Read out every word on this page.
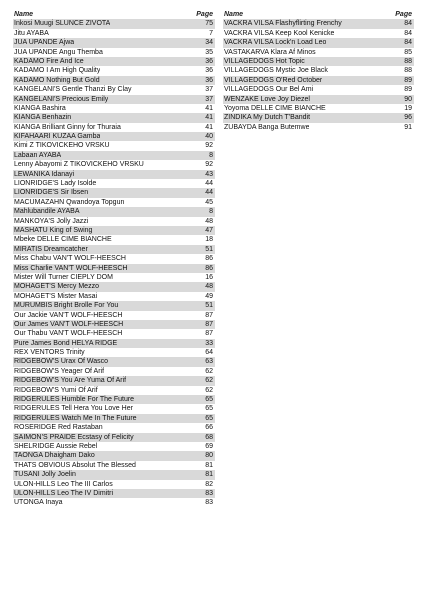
Name	Page
Inkosi Muugi SLUNCE ZIVOTA	75
Jitu AYABA	7
JUA UPANDE Ajwa	34
JUA UPANDE Angu Themba	35
KADAMO Fire And Ice	36
KADAMO I Am High Quality	36
KADAMO Nothing But Gold	36
KANGELANI'S Gentle Thanzi By Clay	37
KANGELANI'S Precious Emily	37
KIANGA Bashira	41
KIANGA Benhazin	41
KIANGA Brilliant Ginny for Thuraia	41
KIFAHAARI KUZAA Gamba	40
Kimi Z TIKOVICKEHO VRSKU	92
Labaan AYABA	8
Lenny Abayomi Z TIKOVICKEHO VRSKU	92
LEWANIKA Idanayi	43
LIONRIDGE'S Lady Isolde	44
LIONRIDGE'S Sir Ibsen	44
MACUMAZAHN Qwandoya Topgun	45
Mahlubandile AYABA	8
MANKOYA'S Jolly Jazzi	48
MASHATU King of Swing	47
Mbeke DELLE CIME BIANCHE	18
MIRATIS Dreamcatcher	51
Miss Chabu VAN'T WOLF-HEESCH	86
Miss Charlie VAN'T WOLF-HEESCH	86
Mister Will Turner CIEPLY DOM	16
MOHAGET'S Mercy Mezzo	48
MOHAGET'S Mister Masai	49
MURUMBIS Bright Brolle For You	51
Our Jackie VAN'T WOLF-HEESCH	87
Our James VAN'T WOLF-HEESCH	87
Our Thabu VAN'T WOLF-HEESCH	87
Pure James Bond HELYA RIDGE	33
REX VENTORS Trinity	64
RIDGEBOW'S Urax Of Wasco	63
RIDGEBOW'S Yeager Of Arif	62
RIDGEBOW'S You Are Yuma Of Arif	62
RIDGEBOW'S Yumi Of Arif	62
RIDGERULES Humble For The Future	65
RIDGERULES Tell Hera You Love Her	65
RIDGERULES Watch Me In The Future	65
ROSERIDGE Red Rastaban	66
SAIMON'S PRAIDE Ecstasy of Felicity	68
SHELRIDGE Aussie Rebel	69
TAONGA Dhaigham Dako	80
THATS OBVIOUS Absolut The Blessed	81
TUSANI Jolly Joelin	81
ULON-HILLS Leo The III Carlos	82
ULON-HILLS Leo The IV Dimitri	83
UTONGA Inaya	83
Name	Page
VACKRA VILSA Flashyflirting Frenchy	84
VACKRA VILSA Keep Kool Kenicke	84
VACKRA VILSA Lock'n Load Leo	84
VASTAKARVA Klara Af Minos	85
VILLAGEDOGS Hot Topic	88
VILLAGEDOGS Mystic Joe Black	88
VILLAGEDOGS O'Red October	89
VILLAGEDOGS Our Bel Ami	89
WENZAKE Love Joy Diezel	90
Yoyoma DELLE CIME BIANCHE	19
ZINDIKA My Dutch T'Bandit	96
ZUBAYDA Banga Butemwe	91
